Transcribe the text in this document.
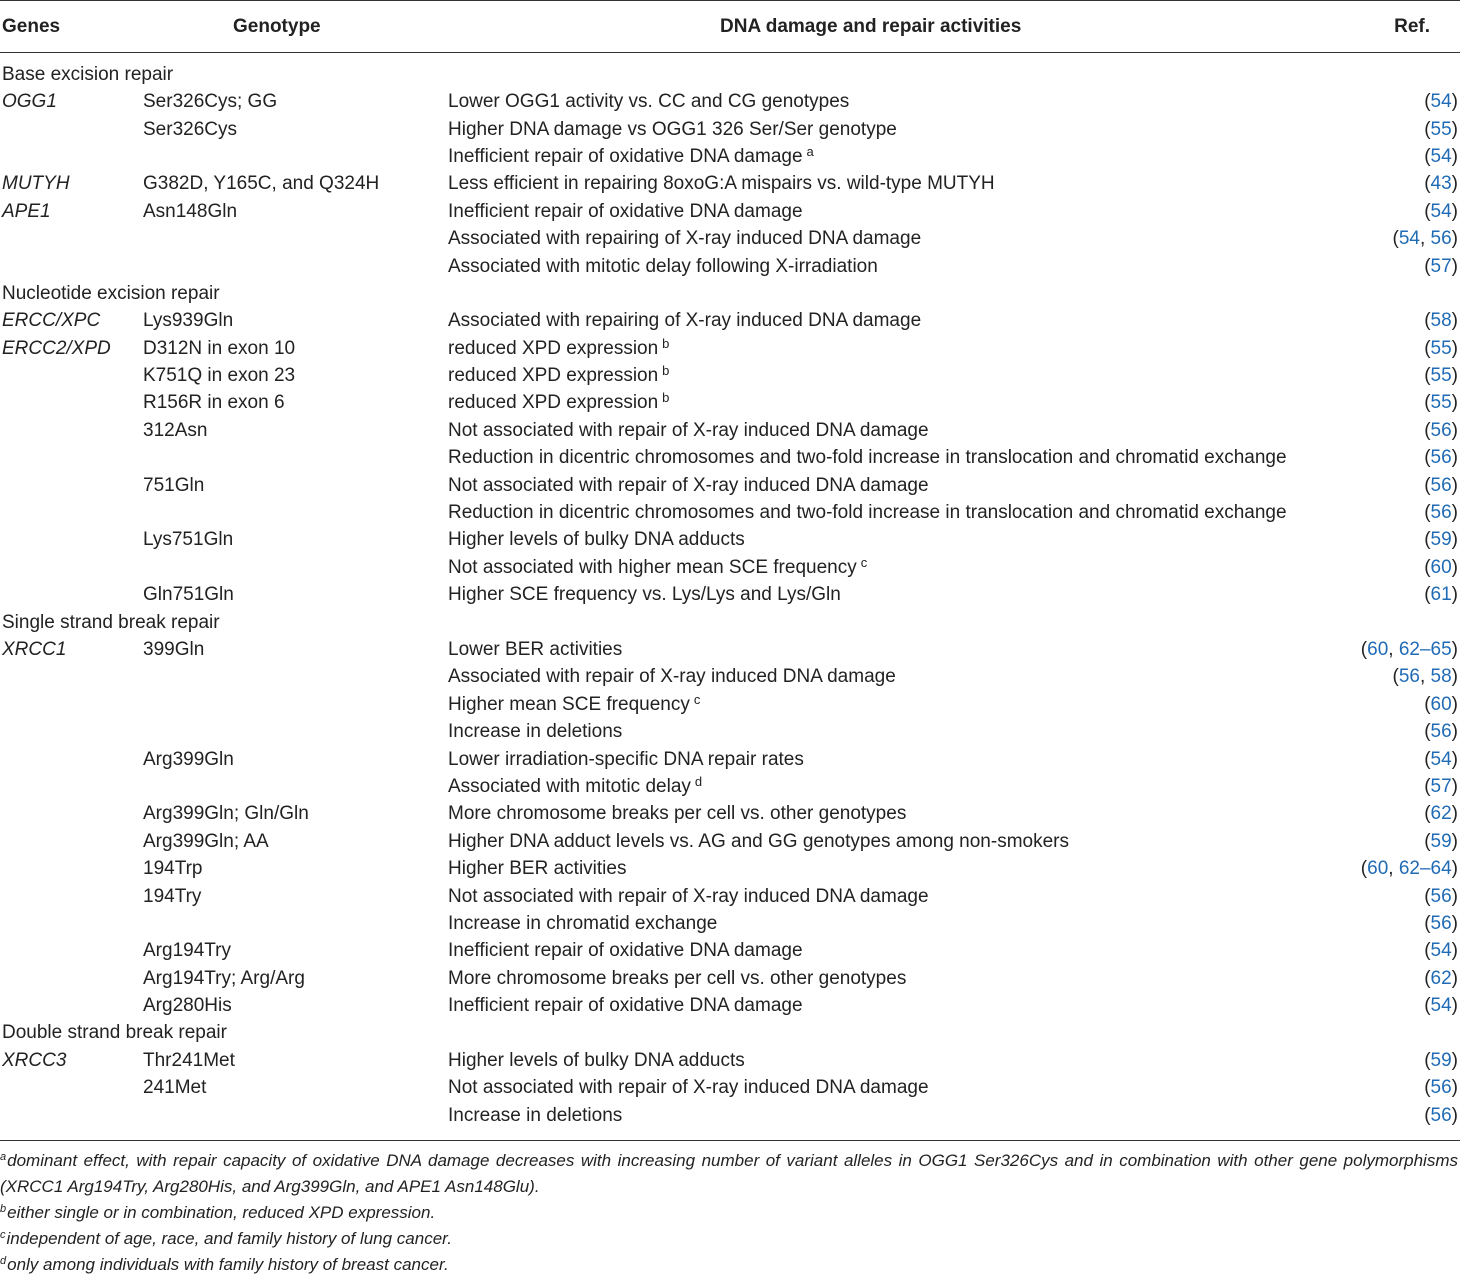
Genes	Genotype	DNA damage and repair activities	Ref.
Base excision repair			
OGG1	Ser326Cys; GG	Lower OGG1 activity vs. CC and CG genotypes	(54)
	Ser326Cys	Higher DNA damage vs OGG1 326 Ser/Ser genotype	(55)
		Inefficient repair of oxidative DNA damage $^a$	(54)
MUTYH	G382D, Y165C, and Q324H	Less efficient in repairing 8oxoG:A mispairs vs. wild-type MUTYH	(43)
APE1	Asn148Gln	Inefficient repair of oxidative DNA damage	(54)
		Associated with repairing of X-ray induced DNA damage	(54, 56)
		Associated with mitotic delay following X-irradiation	(57)
Nucleotide excision repair			
ERCC/XPC	Lys939Gln	Associated with repairing of X-ray induced DNA damage	(58)
ERCC2/XPD	D312N in exon 10	reduced XPD expression $^b$	(55)
	K751Q in exon 23	reduced XPD expression $^b$	(55)
	R156R in exon 6	reduced XPD expression $^b$	(55)
	312Asn	Not associated with repair of X-ray induced DNA damage	(56)
		Reduction in dicentric chromosomes and two-fold increase in translocation and chromatid exchange	(56)
	751Gln	Not associated with repair of X-ray induced DNA damage	(56)
		Reduction in dicentric chromosomes and two-fold increase in translocation and chromatid exchange	(56)
	Lys751Gln	Higher levels of bulky DNA adducts	(59)
		Not associated with higher mean SCE frequency $^c$	(60)
	Gln751Gln	Higher SCE frequency vs. Lys/Lys and Lys/Gln	(61)
Single strand break repair			
XRCC1	399Gln	Lower BER activities	(60, 62–65)
		Associated with repair of X-ray induced DNA damage	(56, 58)
		Higher mean SCE frequency $^c$	(60)
		Increase in deletions	(56)
	Arg399Gln	Lower irradiation-specific DNA repair rates	(54)
		Associated with mitotic delay $^d$	(57)
	Arg399Gln; Gln/Gln	More chromosome breaks per cell vs. other genotypes	(62)
	Arg399Gln; AA	Higher DNA adduct levels vs. AG and GG genotypes among non-smokers	(59)
	194Trp	Higher BER activities	(60, 62–64)
	194Try	Not associated with repair of X-ray induced DNA damage	(56)
		Increase in chromatid exchange	(56)
	Arg194Try	Inefficient repair of oxidative DNA damage	(54)
	Arg194Try; Arg/Arg	More chromosome breaks per cell vs. other genotypes	(62)
	Arg280His	Inefficient repair of oxidative DNA damage	(54)
Double strand break repair			
XRCC3	Thr241Met	Higher levels of bulky DNA adducts	(59)
	241Met	Not associated with repair of X-ray induced DNA damage	(56)
		Increase in deletions	(56)

$^a$dominant effect, with repair capacity of oxidative DNA damage decreases with increasing number of variant alleles in OGG1 Ser326Cys and in combination with other gene polymorphisms (XRCC1 Arg194Try, Arg280His, and Arg399Gln, and APE1 Asn148Glu).

$^b$either single or in combination, reduced XPD expression.

$^c$independent of age, race, and family history of lung cancer.

$^d$only among individuals with family history of breast cancer.
